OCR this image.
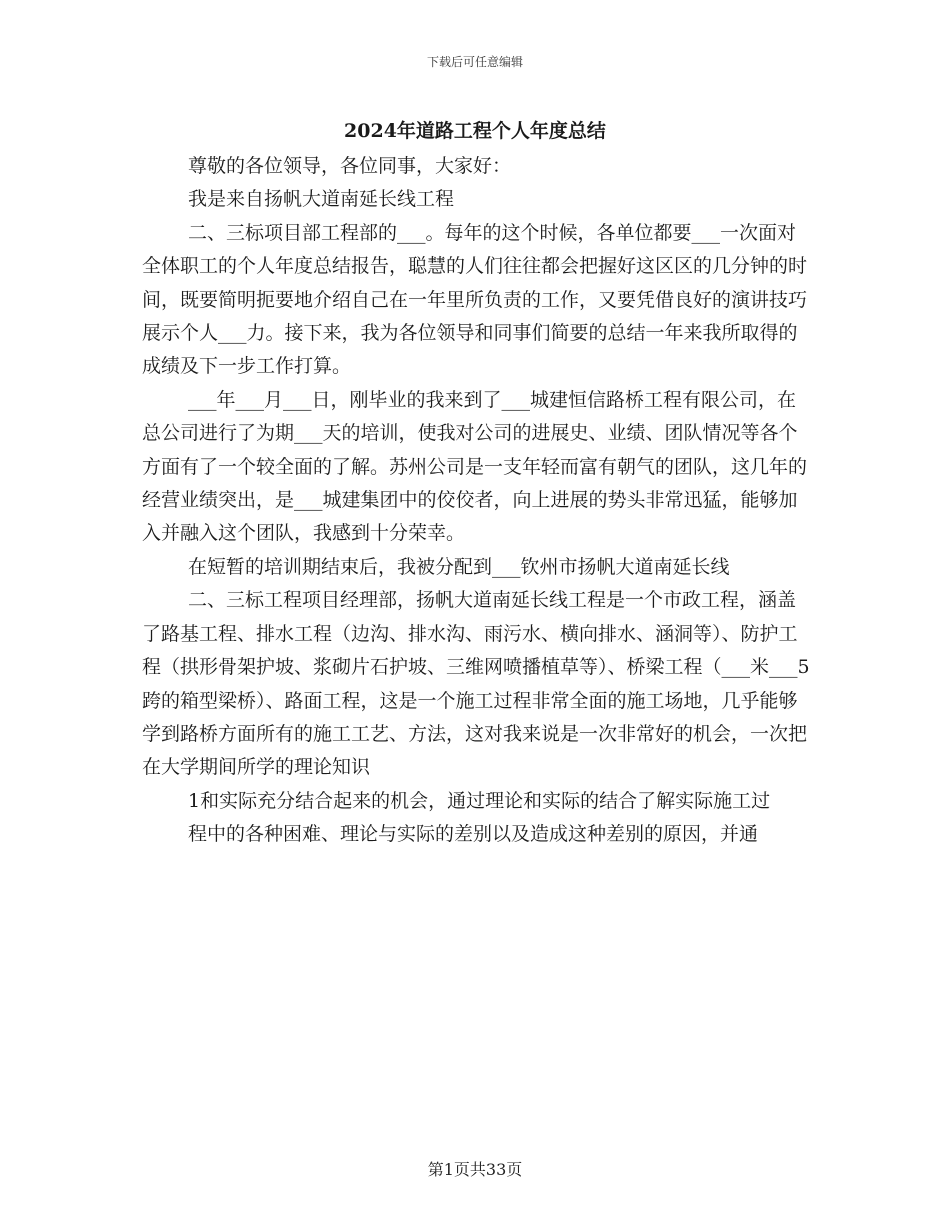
下载后可任意编辑
2024年道路工程个人年度总结

尊敬的各位领导，各位同事，大家好：

我是来自扬帆大道南延长线工程

二、三标项目部工程部的___。每年的这个时候，各单位都要___一次面对全体职工的个人年度总结报告，聪慧的人们往往都会把握好这区区的几分钟的时间，既要简明扼要地介绍自己在一年里所负责的工作，又要凭借良好的演讲技巧展示个人___力。接下来，我为各位领导和同事们简要的总结一年来我所取得的成绩及下一步工作打算。

___年___月___日，刚毕业的我来到了___城建恒信路桥工程有限公司，在总公司进行了为期___天的培训，使我对公司的进展史、业绩、团队情况等各个方面有了一个较全面的了解。苏州公司是一支年轻而富有朝气的团队，这几年的经营业绩突出，是___城建集团中的佼佼者，向上进展的势头非常迅猛，能够加入并融入这个团队，我感到十分荣幸。

在短暂的培训期结束后，我被分配到___钦州市扬帆大道南延长线

二、三标工程项目经理部，扬帆大道南延长线工程是一个市政工程，涵盖了路基工程、排水工程（边沟、排水沟、雨污水、横向排水、涵洞等）、防护工程（拱形骨架护坡、浆砌片石护坡、三维网喷播植草等）、桥梁工程（___米___5跨的箱型梁桥）、路面工程，这是一个施工过程非常全面的施工场地，几乎能够学到路桥方面所有的施工工艺、方法，这对我来说是一次非常好的机会，一次把在大学期间所学的理论知识

1和实际充分结合起来的机会，通过理论和实际的结合了解实际施工过

程中的各种困难、理论与实际的差别以及造成这种差别的原因，并通

第1页共33页
